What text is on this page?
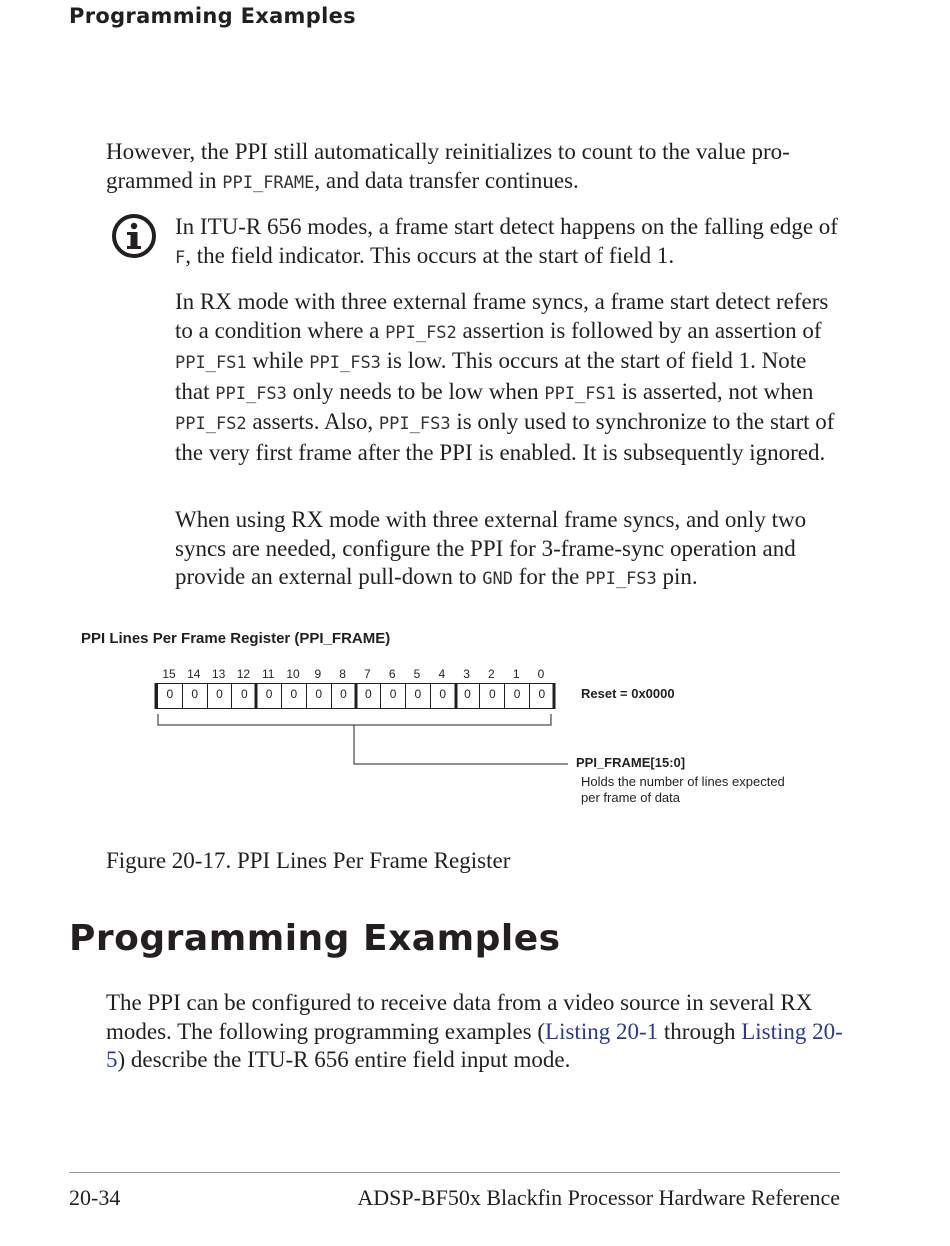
Programming Examples

However, the PPI still automatically reinitializes to count to the value pro-grammed in PPI_FRAME, and data transfer continues.

In ITU-R 656 modes, a frame start detect happens on the falling edge of F, the field indicator. This occurs at the start of field 1.

In RX mode with three external frame syncs, a frame start detect refers to a condition where a PPI_FS2 assertion is followed by an assertion of PPI_FS1 while PPI_FS3 is low. This occurs at the start of field 1. Note that PPI_FS3 only needs to be low when PPI_FS1 is asserted, not when PPI_FS2 asserts. Also, PPI_FS3 is only used to synchronize to the start of the very first frame after the PPI is enabled. It is subsequently ignored.

When using RX mode with three external frame syncs, and only two syncs are needed, configure the PPI for 3-frame-sync operation and provide an external pull-down to GND for the PPI_FS3 pin.

PPI Lines Per Frame Register (PPI_FRAME)
15
0
14
0
13
0
12
0
11
0
10
0
9
0
8
0
7
0
6
0
5
0
4
0
3
0
2
0
1
0
0
0	Reset = 0x0000
PPI_FRAME[15:0]
Holds the number of lines expected per frame of data
Figure 20-17. PPI Lines Per Frame Register
Programming Examples

The PPI can be configured to receive data from a video source in several RX modes. The following programming examples (Listing 20-1 through Listing 20-5) describe the ITU-R 656 entire field input mode.

20-34	ADSP-BF50x Blackfin Processor Hardware Reference
